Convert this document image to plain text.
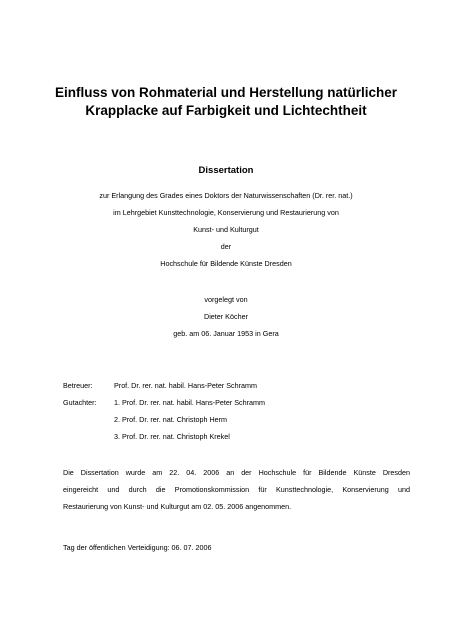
Einfluss von Rohmaterial und Herstellung natürlicher
Krapplacke auf Farbigkeit und Lichtechtheit
Dissertation
zur Erlangung des Grades eines Doktors der Naturwissenschaften (Dr. rer. nat.)
im Lehrgebiet Kunsttechnologie, Konservierung und Restaurierung von
Kunst- und Kulturgut
der
Hochschule für Bildende Künste Dresden
vorgelegt von
Dieter Köcher
geb. am 06. Januar 1953 in Gera
Betreuer:	Prof. Dr. rer. nat. habil. Hans-Peter Schramm
Gutachter:	1. Prof. Dr. rer. nat. habil. Hans-Peter Schramm
2. Prof. Dr. rer. nat. Christoph Herm
3. Prof. Dr. rer. nat. Christoph Krekel
Die Dissertation wurde am 22. 04. 2006 an der Hochschule für Bildende Künste Dresden
eingereicht und durch die Promotionskommission für Kunsttechnologie, Konservierung und
Restaurierung von Kunst- und Kulturgut am 02. 05. 2006 angenommen.
Tag der öffentlichen Verteidigung: 06. 07. 2006
